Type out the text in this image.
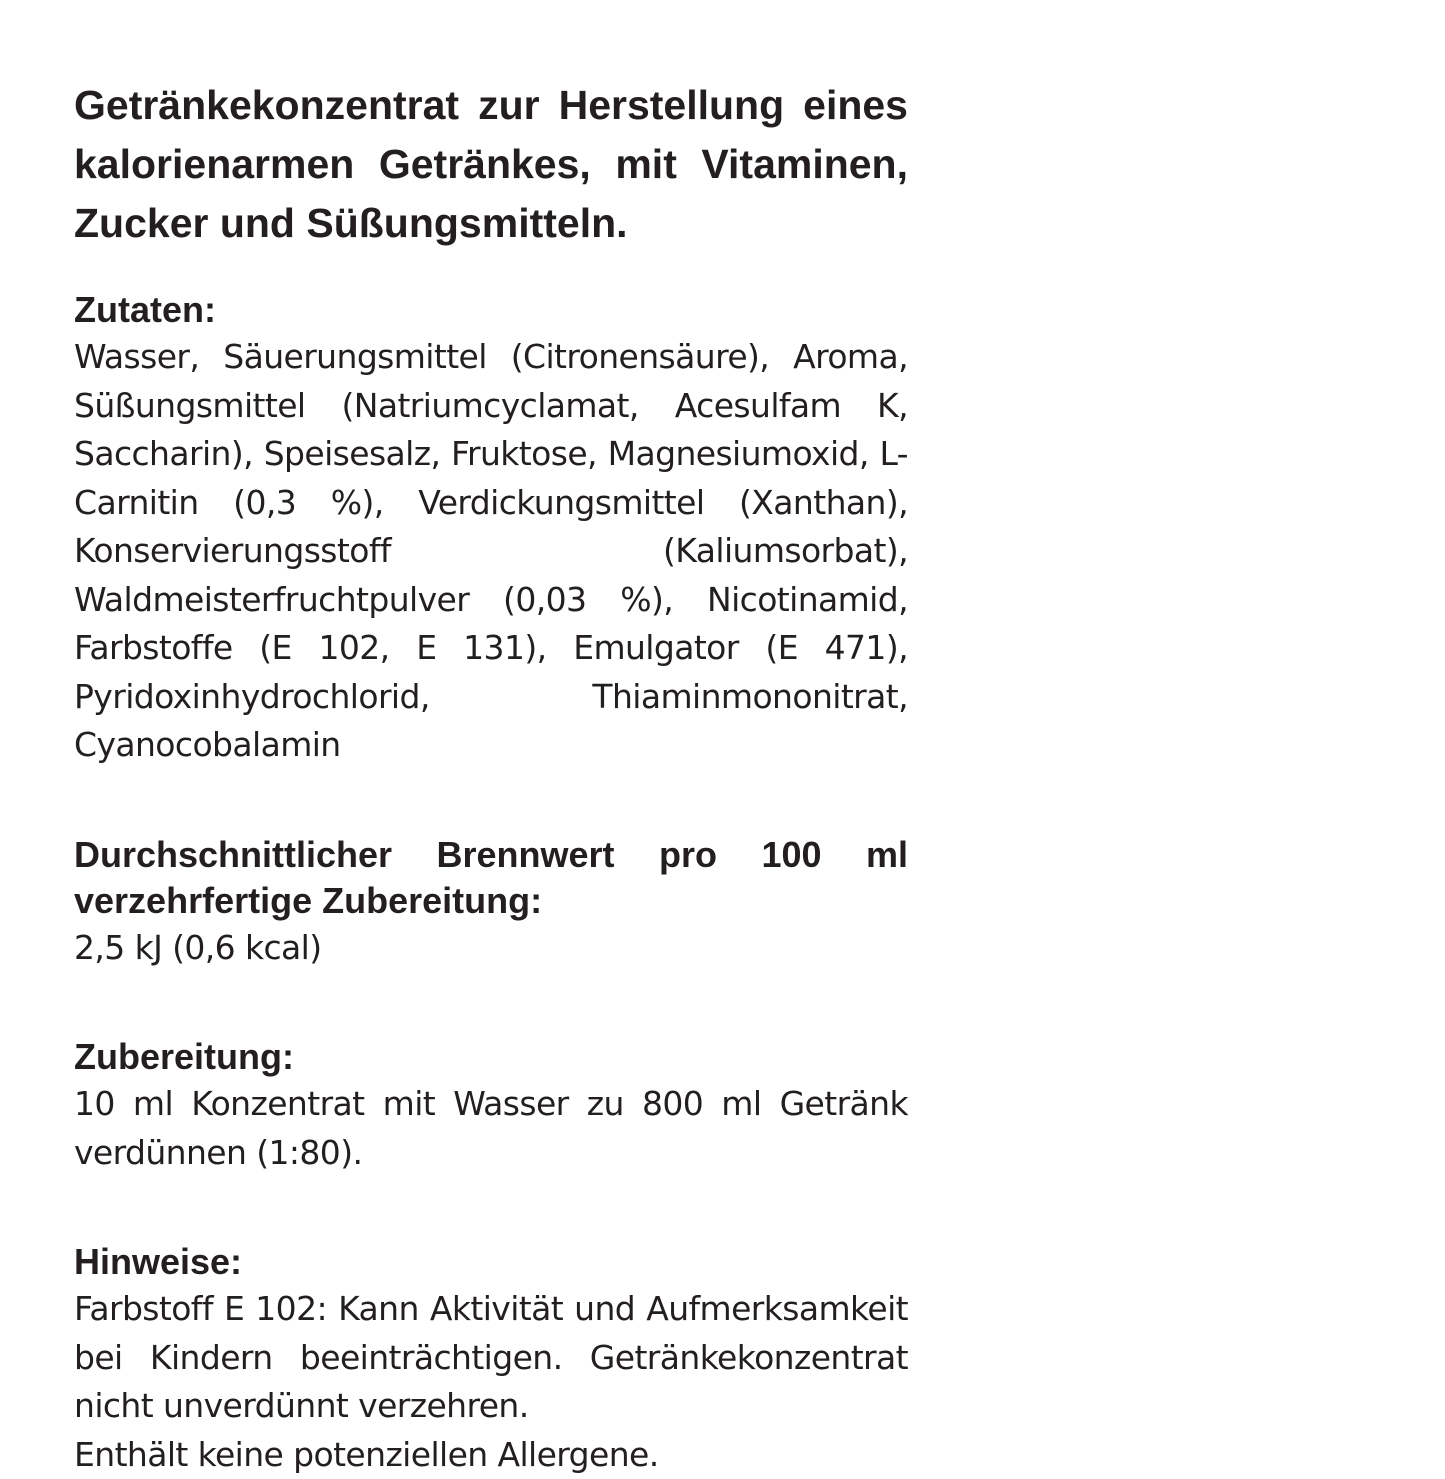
Getränkekonzentrat zur Herstellung eines kalorienarmen Getränkes, mit Vitaminen, Zucker und Süßungsmitteln.
Zutaten:

Wasser, Säuerungsmittel (Citronensäure), Aroma, Süßungsmittel (Natriumcyclamat, Acesulfam K, Saccharin), Speisesalz, Fruktose, Magnesiumoxid, L-Carnitin (0,3 %), Verdickungsmittel (Xanthan), Konservierungsstoff (Kaliumsorbat), Waldmeisterfruchtpulver (0,03 %), Nicotinamid, Farbstoffe (E 102, E 131), Emulgator (E 471), Pyridoxinhydrochlorid, Thiaminmononitrat, Cyanocobalamin

Durchschnittlicher Brennwert pro 100 ml verzehrfertige Zubereitung:

2,5 kJ (0,6 kcal)

Zubereitung:

10 ml Konzentrat mit Wasser zu 800 ml Getränk verdünnen (1:80).

Hinweise:

Farbstoff E 102: Kann Aktivität und Aufmerksamkeit bei Kindern beeinträchtigen. Getränkekonzentrat nicht unverdünnt verzehren.

Enthält keine potenziellen Allergene.
